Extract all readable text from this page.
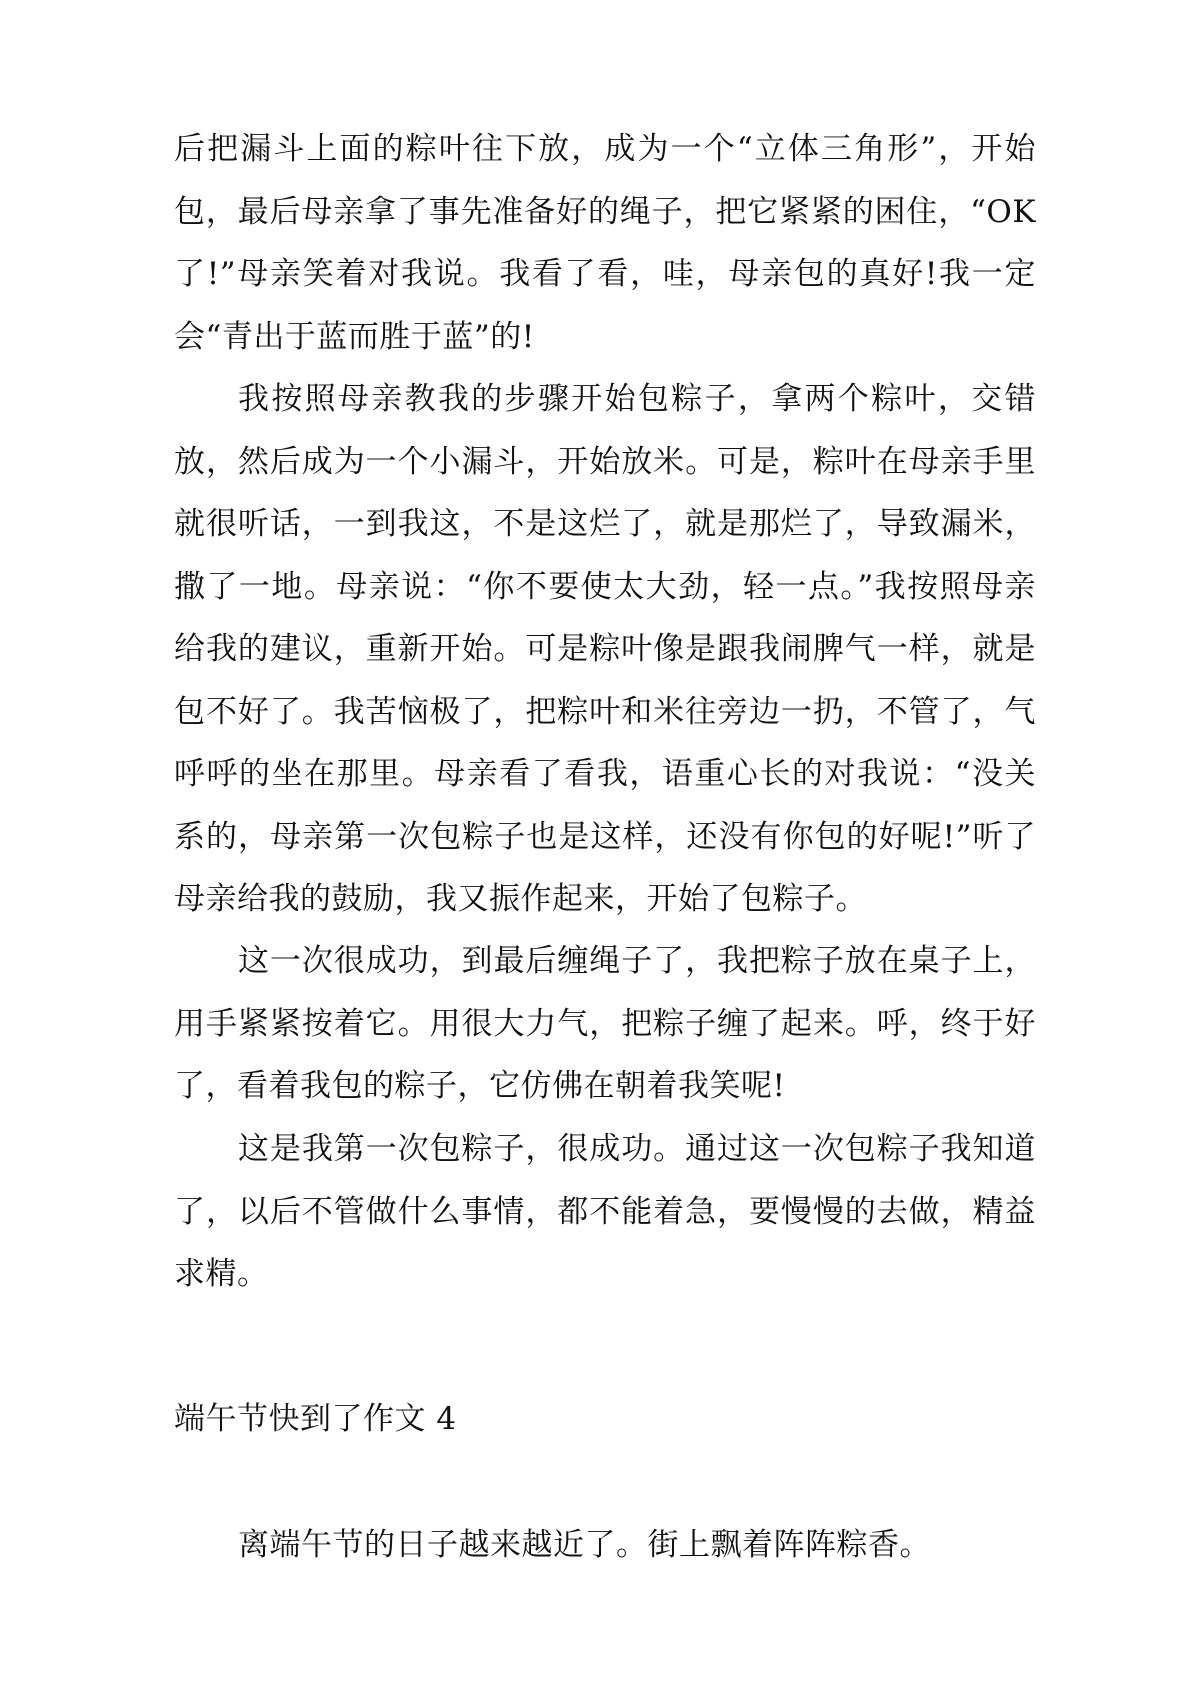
后把漏斗上面的粽叶往下放，成为一个“立体三角形”，开始包，最后母亲拿了事先准备好的绳子，把它紧紧的困住，“OK了!”母亲笑着对我说。我看了看，哇，母亲包的真好!我一定会“青出于蓝而胜于蓝”的!

我按照母亲教我的步骤开始包粽子，拿两个粽叶，交错放，然后成为一个小漏斗，开始放米。可是，粽叶在母亲手里就很听话，一到我这，不是这烂了，就是那烂了，导致漏米，撒了一地。母亲说：“你不要使太大劲，轻一点。”我按照母亲给我的建议，重新开始。可是粽叶像是跟我闹脾气一样，就是包不好了。我苦恼极了，把粽叶和米往旁边一扔，不管了，气呼呼的坐在那里。母亲看了看我，语重心长的对我说：“没关系的，母亲第一次包粽子也是这样，还没有你包的好呢!”听了母亲给我的鼓励，我又振作起来，开始了包粽子。

这一次很成功，到最后缠绳子了，我把粽子放在桌子上，用手紧紧按着它。用很大力气，把粽子缠了起来。呼，终于好了，看着我包的粽子，它仿佛在朝着我笑呢!

这是我第一次包粽子，很成功。通过这一次包粽子我知道了，以后不管做什么事情，都不能着急，要慢慢的去做，精益求精。

端午节快到了作文 4

离端午节的日子越来越近了。街上飘着阵阵粽香。
